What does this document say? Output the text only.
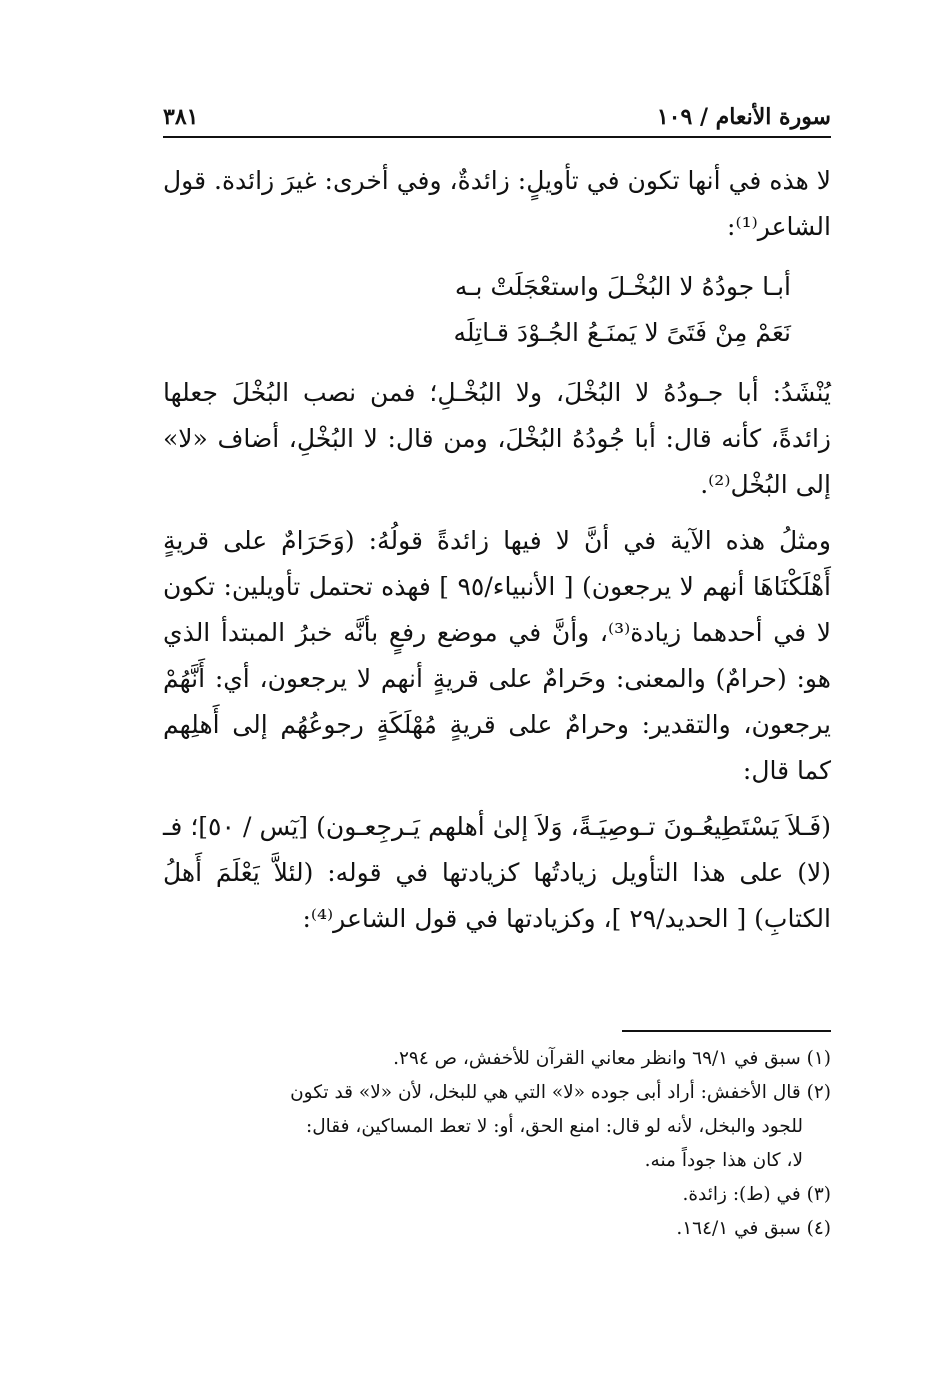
سورة الأنعام / ١٠٩
٣٨١

لا هذه في أنها تكون في تأويلٍ: زائدةٌ، وفي أخرى: غيرَ زائدة. قول الشاعر⁽¹⁾:

أبـا جودُهُ لا البُخْـلَ واستعْجَلَتْ بـه

نَعَمْ مِنْ فَتَىً لا يَمنَـعُ الجُـوْدَ قـاتِلَه

يُنْشَدُ: أبا جـودُهُ لا البُخْلَ، ولا البُخْـلِ؛ فمن نصب البُخْلَ جعلها زائدةً، كأنه قال: أبا جُودُهُ البُخْلَ، ومن قال: لا البُخْلِ، أضاف «لا» إلى البُخْل⁽²⁾.

ومثلُ هذه الآية في أنَّ لا فيها زائدةً قولُهُ: (وَحَرَامٌ على قريةٍ أَهْلَكْنَاهَا أنهم لا يرجعون) [ الأنبياء/٩٥ ] فهذه تحتمل تأويلين: تكون لا في أحدهما زيادة⁽³⁾، وأنَّ في موضع رفعٍ بأنَّه خبرُ المبتدأ الذي هو: (حرامٌ) والمعنى: وحَرامٌ على قريةٍ أنهم لا يرجعون، أي: أَنَّهُمْ يرجعون، والتقدير: وحرامٌ على قريةٍ مُهْلَكَةٍ رجوعُهُم إلى أَهلِهم كما قال:

(فَـلاَ يَسْتَطِيعُـونَ تـوصِيَـةً، وَلاَ إلىٰ أهلهم يَـرجِعـون) [يٓس / ٥٠]؛ فـ (لا) على هذا التأويل زيادتُها كزيادتها في قوله: (لئلاَّ يَعْلَمَ أَهلُ الكتابِ) [ الحديد/٢٩ ]، وكزيادتها في قول الشاعر⁽⁴⁾:

(١) سبق في ٦٩/١ وانظر معاني القرآن للأخفش، ص ٢٩٤.

(٢) قال الأخفش: أراد أبى جوده «لا» التي هي للبخل، لأن «لا» قد تكون

للجود والبخل، لأنه لو قال: امنع الحق، أو: لا تعط المساكين، فقال:

لا، كان هذا جوداً منه.

(٣) في (ط): زائدة.

(٤) سبق في ١٦٤/١.
